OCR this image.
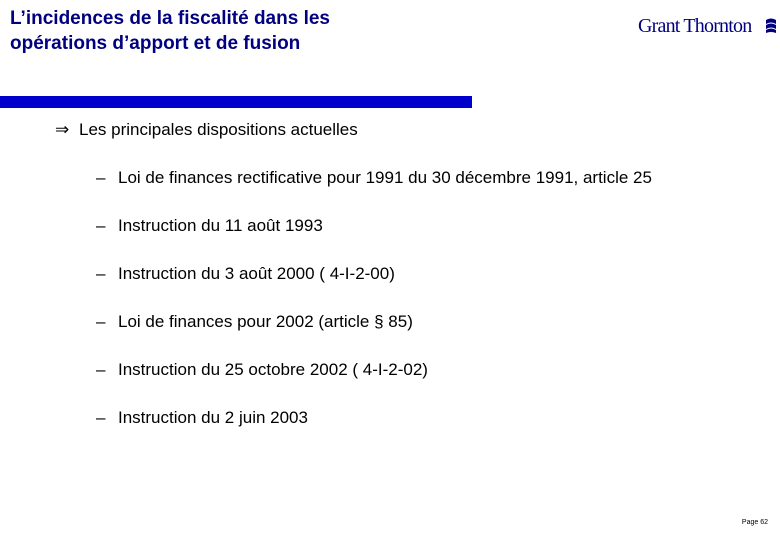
L’incidences de la fiscalité dans les
opérations d’apport et de fusion
Grant Thornton
⇒ Les principales dispositions actuelles
– Loi de finances rectificative pour 1991 du 30 décembre 1991, article 25
– Instruction du 11 août 1993
– Instruction du 3 août 2000 ( 4-I-2-00)
– Loi de finances pour 2002 (article § 85)
– Instruction du 25 octobre 2002 ( 4-I-2-02)
– Instruction du 2 juin 2003
Page 62
